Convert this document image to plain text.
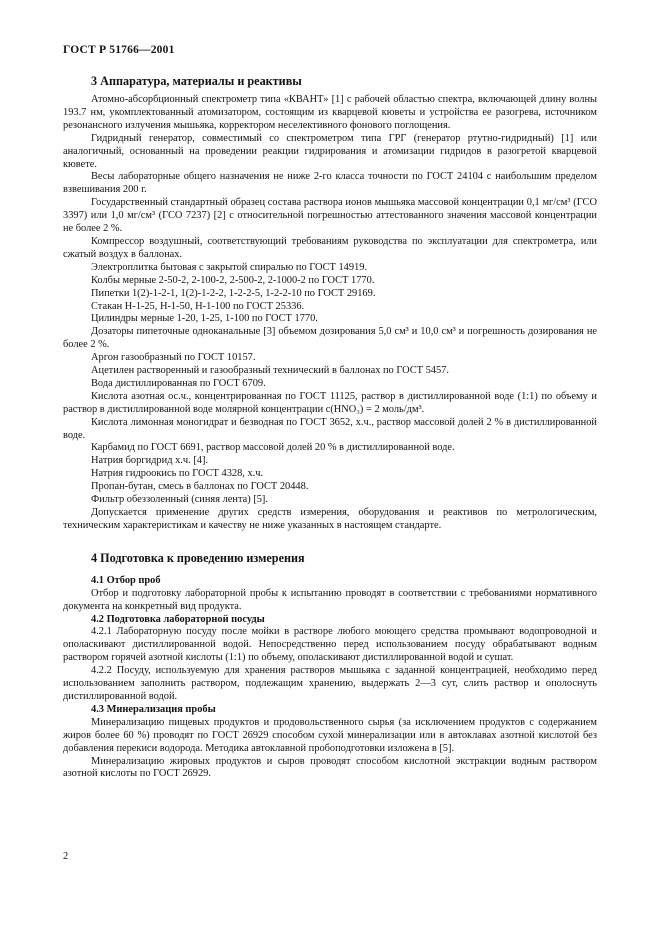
ГОСТ Р 51766—2001
3 Аппаратура, материалы и реактивы

Атомно-абсорбционный спектрометр типа «КВАНТ» [1] с рабочей областью спектра, включающей длину волны 193.7 нм, укомплектованный атомизатором, состоящим из кварцевой кюветы и устройства ее разогрева, источником резонансного излучения мышьяка, корректором неселективного фонового поглощения.

Гидридный генератор, совместимый со спектрометром типа ГРГ (генератор ртутно-гидридный) [1] или аналогичный, основанный на проведении реакции гидрирования и атомизации гидридов в разогретой кварцевой кювете.

Весы лабораторные общего назначения не ниже 2-го класса точности по ГОСТ 24104 с наибольшим пределом взвешивания 200 г.

Государственный стандартный образец состава раствора ионов мышьяка массовой концентрации 0,1 мг/см³ (ГСО 3397) или 1,0 мг/см³ (ГСО 7237) [2] с относительной погрешностью аттестованного значения массовой концентрации не более 2 %.

Компрессор воздушный, соответствующий требованиям руководства по эксплуатации для спектрометра, или сжатый воздух в баллонах.

Электроплитка бытовая с закрытой спиралью по ГОСТ 14919.

Колбы мерные 2-50-2, 2-100-2, 2-500-2, 2-1000-2 по ГОСТ 1770.

Пипетки 1(2)-1-2-1, 1(2)-1-2-2, 1-2-2-5, 1-2-2-10 по ГОСТ 29169.

Стакан Н-1-25, Н-1-50, Н-1-100 по ГОСТ 25336.

Цилиндры мерные 1-20, 1-25, 1-100 по ГОСТ 1770.

Дозаторы пипеточные одноканальные [3] объемом дозирования 5,0 см³ и 10,0 см³ и погрешность дозирования не более 2 %.

Аргон газообразный по ГОСТ 10157.

Ацетилен растворенный и газообразный технический в баллонах по ГОСТ 5457.

Вода дистиллированная по ГОСТ 6709.

Кислота азотная ос.ч., концентрированная по ГОСТ 11125, раствор в дистиллированной воде (1:1) по объему и раствор в дистиллированной воде молярной концентрации c(HNO₃) = 2 моль/дм³.

Кислота лимонная моногидрат и безводная по ГОСТ 3652, х.ч., раствор массовой долей 2 % в дистиллированной воде.

Карбамид по ГОСТ 6691, раствор массовой долей 20 % в дистиллированной воде.

Натрия боргидрид х.ч. [4].

Натрия гидроокись по ГОСТ 4328, х.ч.

Пропан-бутан, смесь в баллонах по ГОСТ 20448.

Фильтр обеззоленный (синяя лента) [5].

Допускается применение других средств измерения, оборудования и реактивов по метрологическим, техническим характеристикам и качеству не ниже указанных в настоящем стандарте.

4 Подготовка к проведению измерения
4.1 Отбор проб

Отбор и подготовку лабораторной пробы к испытанию проводят в соответствии с требованиями нормативного документа на конкретный вид продукта.

4.2 Подготовка лабораторной посуды

4.2.1 Лабораторную посуду после мойки в растворе любого моющего средства промывают водопроводной и ополаскивают дистиллированной водой. Непосредственно перед использованием посуду обрабатывают водным раствором горячей азотной кислоты (1:1) по объему, ополаскивают дистиллированной водой и сушат.

4.2.2 Посуду, используемую для хранения растворов мышьяка с заданной концентрацией, необходимо перед использованием заполнить раствором, подлежащим хранению, выдержать 2—3 сут, слить раствор и ополоснуть дистиллированной водой.

4.3 Минерализация пробы

Минерализацию пищевых продуктов и продовольственного сырья (за исключением продуктов с содержанием жиров более 60 %) проводят по ГОСТ 26929 способом сухой минерализации или в автоклавах азотной кислотой без добавления перекиси водорода. Методика автоклавной пробоподготовки изложена в [5].

Минерализацию жировых продуктов и сыров проводят способом кислотной экстракции водным раствором азотной кислоты по ГОСТ 26929.

2
